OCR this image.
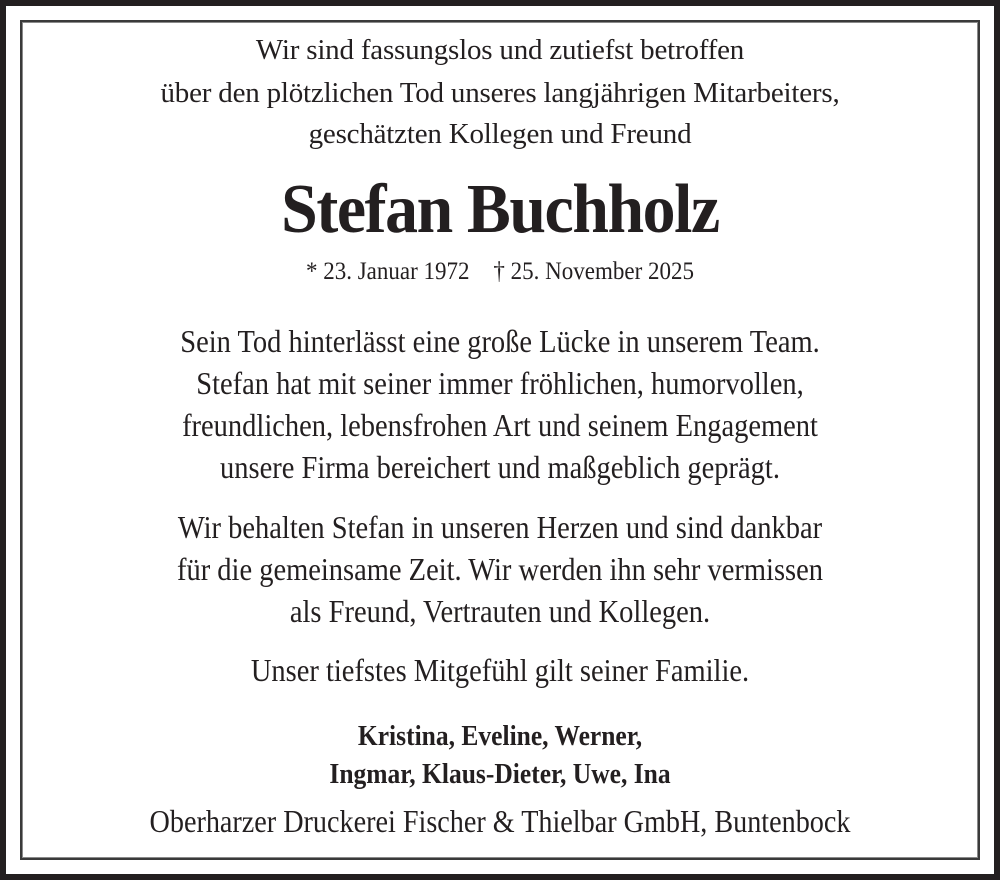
Wir sind fassungslos und zutiefst betroffen
über den plötzlichen Tod unseres langjährigen Mitarbeiters,
geschätzten Kollegen und Freund
Stefan Buchholz
* 23. Januar 1972 † 25. November 2025
Sein Tod hinterlässt eine große Lücke in unserem Team.
Stefan hat mit seiner immer fröhlichen, humorvollen,
freundlichen, lebensfrohen Art und seinem Engagement
unsere Firma bereichert und maßgeblich geprägt.
Wir behalten Stefan in unseren Herzen und sind dankbar
für die gemeinsame Zeit. Wir werden ihn sehr vermissen
als Freund, Vertrauten und Kollegen.
Unser tiefstes Mitgefühl gilt seiner Familie.
Kristina, Eveline, Werner,
Ingmar, Klaus-Dieter, Uwe, Ina
Oberharzer Druckerei Fischer & Thielbar GmbH, Buntenbock
